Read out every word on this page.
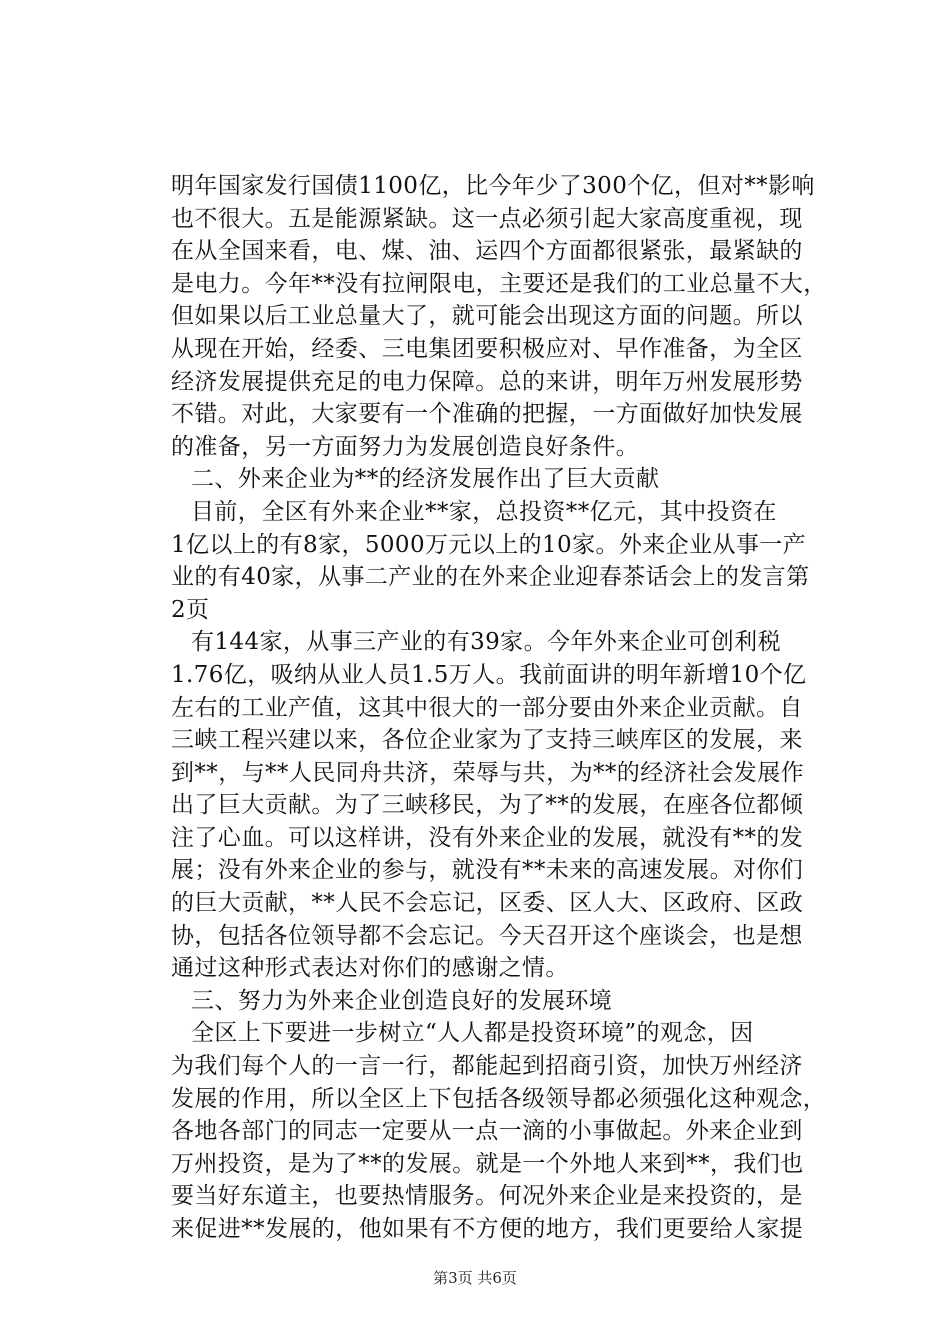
明年国家发行国债1100亿，比今年少了300个亿，但对**影响
也不很大。五是能源紧缺。这一点必须引起大家高度重视，现
在从全国来看，电、煤、油、运四个方面都很紧张，最紧缺的
是电力。今年**没有拉闸限电，主要还是我们的工业总量不大，
但如果以后工业总量大了，就可能会出现这方面的问题。所以
从现在开始，经委、三电集团要积极应对、早作准备，为全区
经济发展提供充足的电力保障。总的来讲，明年万州发展形势
不错。对此，大家要有一个准确的把握，一方面做好加快发展
的准备，另一方面努力为发展创造良好条件。
二、外来企业为**的经济发展作出了巨大贡献
目前，全区有外来企业**家，总投资**亿元，其中投资在
1亿以上的有8家，5000万元以上的10家。外来企业从事一产
业的有40家，从事二产业的在外来企业迎春茶话会上的发言第
2页
有144家，从事三产业的有39家。今年外来企业可创利税
1.76亿，吸纳从业人员1.5万人。我前面讲的明年新增10个亿
左右的工业产值，这其中很大的一部分要由外来企业贡献。自
三峡工程兴建以来，各位企业家为了支持三峡库区的发展，来
到**，与**人民同舟共济，荣辱与共，为**的经济社会发展作
出了巨大贡献。为了三峡移民，为了**的发展，在座各位都倾
注了心血。可以这样讲，没有外来企业的发展，就没有**的发
展；没有外来企业的参与，就没有**未来的高速发展。对你们
的巨大贡献，**人民不会忘记，区委、区人大、区政府、区政
协，包括各位领导都不会忘记。今天召开这个座谈会，也是想
通过这种形式表达对你们的感谢之情。
三、努力为外来企业创造良好的发展环境
全区上下要进一步树立“人人都是投资环境”的观念，因
为我们每个人的一言一行，都能起到招商引资，加快万州经济
发展的作用，所以全区上下包括各级领导都必须强化这种观念，
各地各部门的同志一定要从一点一滴的小事做起。外来企业到
万州投资，是为了**的发展。就是一个外地人来到**，我们也
要当好东道主，也要热情服务。何况外来企业是来投资的，是
来促进**发展的，他如果有不方便的地方，我们更要给人家提
第3页 共6页
